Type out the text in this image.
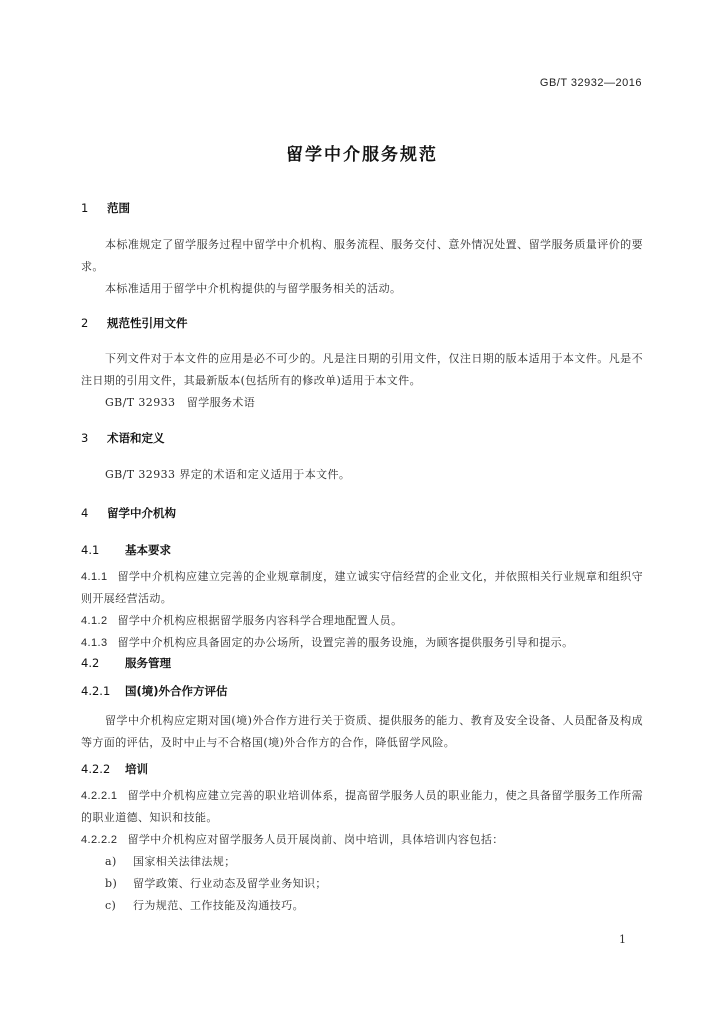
GB/T 32932—2016
留学中介服务规范
1 范围
本标准规定了留学服务过程中留学中介机构、服务流程、服务交付、意外情况处置、留学服务质量评价的要求。
本标准适用于留学中介机构提供的与留学服务相关的活动。
2 规范性引用文件
下列文件对于本文件的应用是必不可少的。凡是注日期的引用文件，仅注日期的版本适用于本文件。凡是不注日期的引用文件，其最新版本(包括所有的修改单)适用于本文件。
GB/T 32933　留学服务术语
3 术语和定义
GB/T 32933 界定的术语和定义适用于本文件。
4 留学中介机构
4.1 基本要求
4.1.1 留学中介机构应建立完善的企业规章制度，建立诚实守信经营的企业文化，并依照相关行业规章和组织守则开展经营活动。
4.1.2 留学中介机构应根据留学服务内容科学合理地配置人员。
4.1.3 留学中介机构应具备固定的办公场所，设置完善的服务设施，为顾客提供服务引导和提示。
4.2 服务管理
4.2.1 国(境)外合作方评估
留学中介机构应定期对国(境)外合作方进行关于资质、提供服务的能力、教育及安全设备、人员配备及构成等方面的评估，及时中止与不合格国(境)外合作方的合作，降低留学风险。
4.2.2 培训
4.2.2.1 留学中介机构应建立完善的职业培训体系，提高留学服务人员的职业能力，使之具备留学服务工作所需的职业道德、知识和技能。
4.2.2.2 留学中介机构应对留学服务人员开展岗前、岗中培训，具体培训内容包括：
a) 国家相关法律法规；
b) 留学政策、行业动态及留学业务知识；
c) 行为规范、工作技能及沟通技巧。
1
